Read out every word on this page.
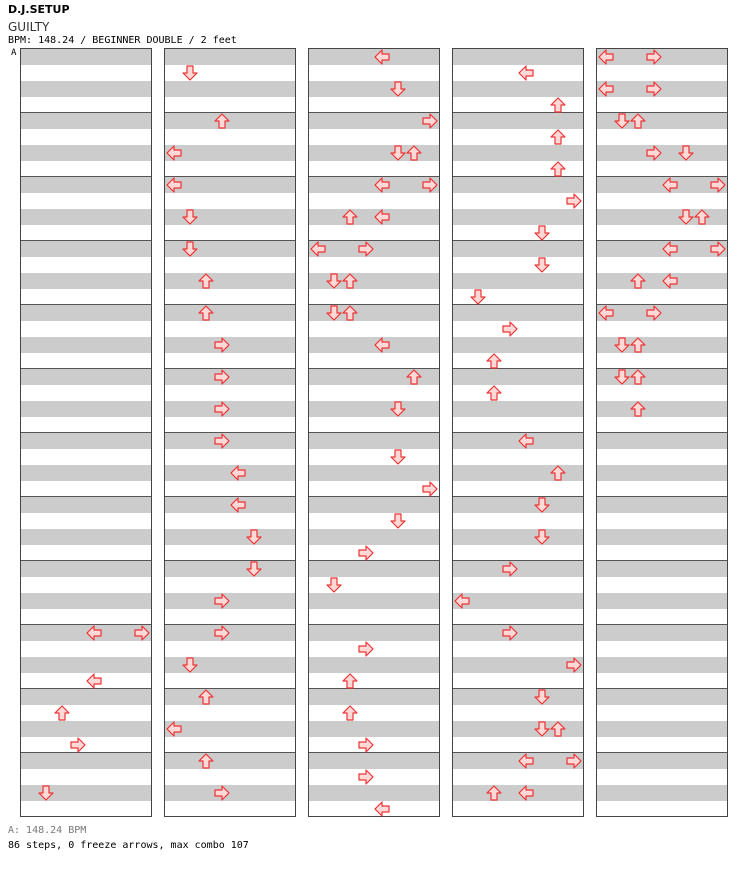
D.J.SETUP
GUILTY
BPM: 148.24 / BEGINNER DOUBLE / 2 feet
A
A: 148.24 BPM
86 steps, 0 freeze arrows, max combo 107
